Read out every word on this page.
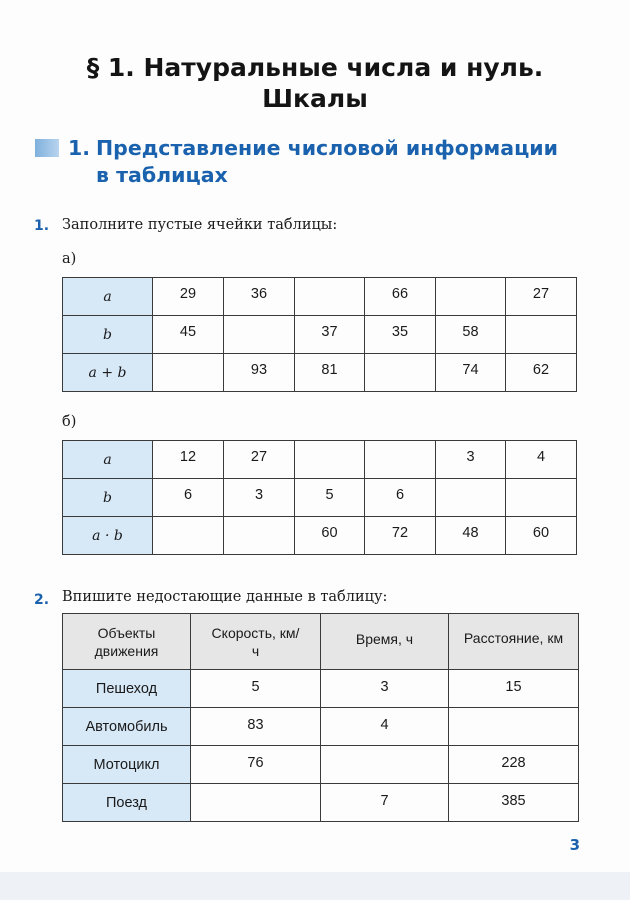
§ 1. Натуральные числа и нуль.
Шкалы
1. Представление числовой информации
в таблицах
1. Заполните пустые ячейки таблицы:
а)
a	29	36		66		27
b	45		37	35	58	
a + b		93	81		74	62
б)
a	12	27			3	4
b	6	3	5	6		
a · b			60	72	48	60
2. Впишите недостающие данные в таблицу:
Объекты движения	Скорость, км/ч	Время, ч	Расстояние, км
Пешеход	5	3	15
Автомобиль	83	4	
Мотоцикл	76		228
Поезд		7	385
3
